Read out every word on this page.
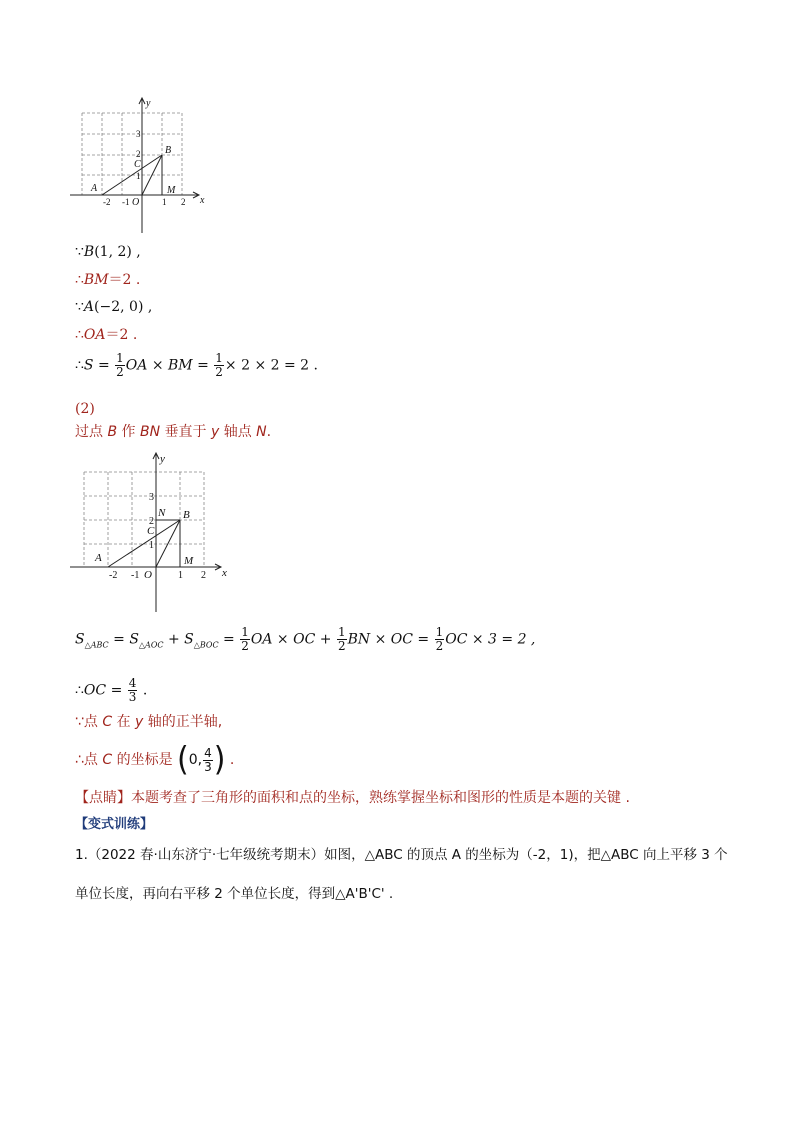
y
x
B
C
A	M
O
3
2
1
-2 -1	1 2
∵B(1, 2) ,
∴BM＝2 .
∵A(−2, 0) ,
∴OA＝2 .
∴S = $\frac{1}{2}$ OA × BM = $\frac{1}{2} \times 2 \times 2 = 2$ .
(2)
过点 B 作 BN 垂直于 y 轴点 N.
y
x
B
N
C
A	M
O
3
2
1
-2 -1	1 2
$S_{\triangle ABC} = S_{\triangle AOC} + S_{\triangle BOC} = \frac{1}{2}$ OA × OC + $\frac{1}{2}$ BN × OC = $\frac{1}{2}$ OC × 3 = 2 ,
∴OC = $\frac{4}{3}$ .
∵点 C 在 y 轴的正半轴,
∴点 C 的坐标是 (0, $\frac{4}{3}$ ) .
【点睛】本题考查了三角形的面积和点的坐标，熟练掌握坐标和图形的性质是本题的关键 .
【变式训练】
1.（2022 春·山东济宁·七年级统考期末）如图，△ABC 的顶点 A 的坐标为（-2，1)，把△ABC 向上平移 3 个
单位长度，再向右平移 2 个单位长度，得到△A'B'C' .
